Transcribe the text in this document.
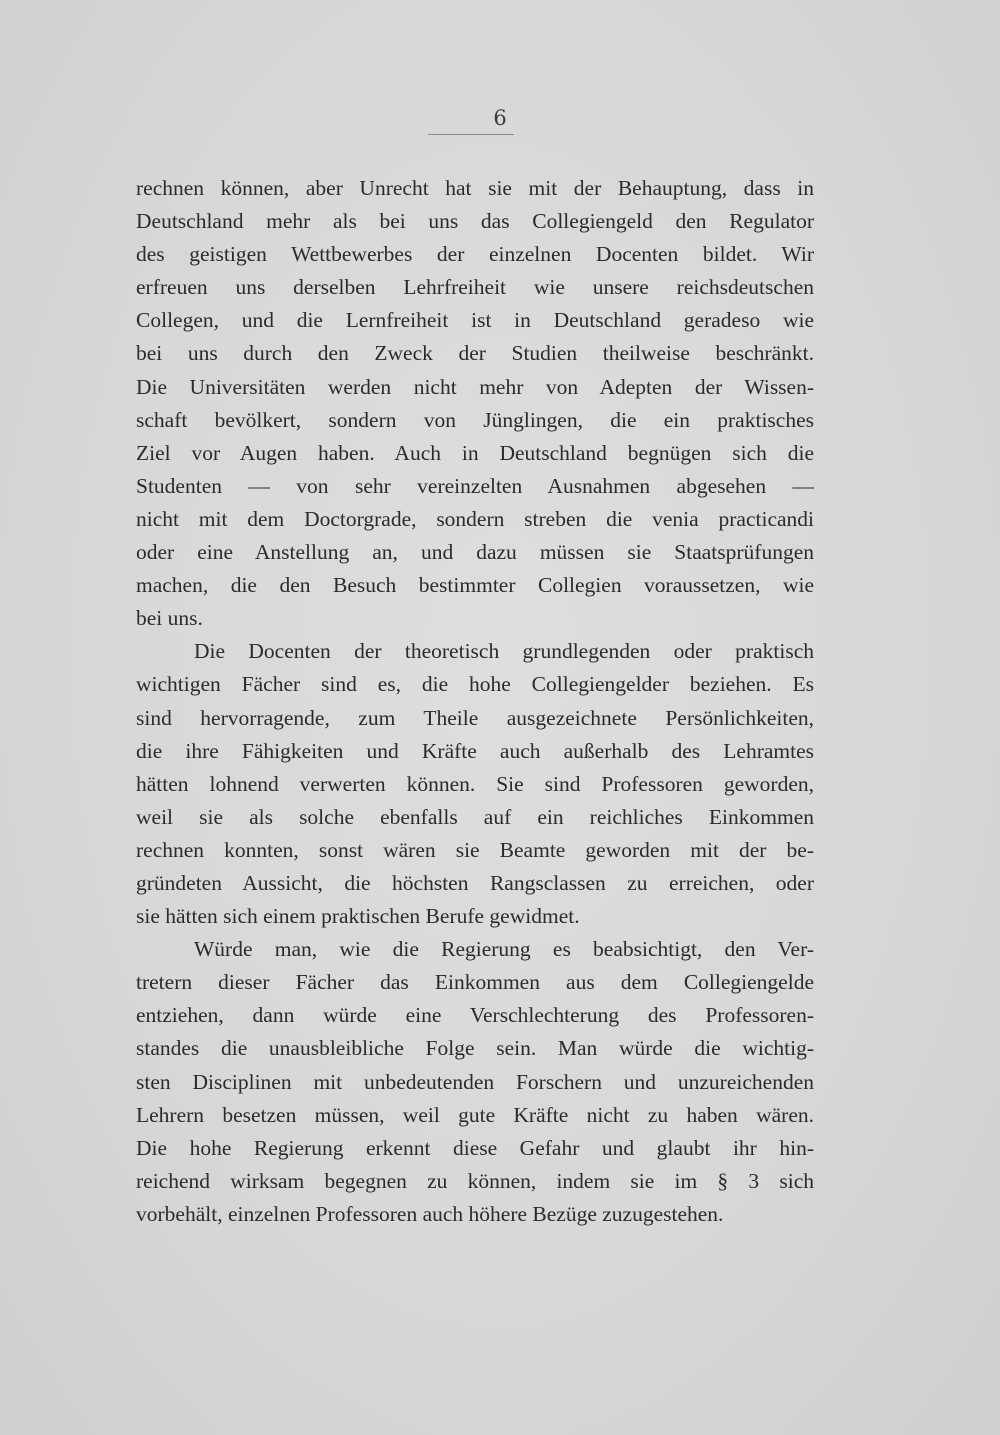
6
rechnen können, aber Unrecht hat sie mit der Behauptung, dass in
Deutschland mehr als bei uns das Collegiengeld den Regulator
des geistigen Wettbewerbes der einzelnen Docenten bildet. Wir
erfreuen uns derselben Lehrfreiheit wie unsere reichsdeutschen
Collegen, und die Lernfreiheit ist in Deutschland geradeso wie
bei uns durch den Zweck der Studien theilweise beschränkt.
Die Universitäten werden nicht mehr von Adepten der Wissen-
schaft bevölkert, sondern von Jünglingen, die ein praktisches
Ziel vor Augen haben. Auch in Deutschland begnügen sich die
Studenten — von sehr vereinzelten Ausnahmen abgesehen —
nicht mit dem Doctorgrade, sondern streben die venia practicandi
oder eine Anstellung an, und dazu müssen sie Staatsprüfungen
machen, die den Besuch bestimmter Collegien voraussetzen, wie
bei uns.
Die Docenten der theoretisch grundlegenden oder praktisch
wichtigen Fächer sind es, die hohe Collegiengelder beziehen. Es
sind hervorragende, zum Theile ausgezeichnete Persönlichkeiten,
die ihre Fähigkeiten und Kräfte auch außerhalb des Lehramtes
hätten lohnend verwerten können. Sie sind Professoren geworden,
weil sie als solche ebenfalls auf ein reichliches Einkommen
rechnen konnten, sonst wären sie Beamte geworden mit der be-
gründeten Aussicht, die höchsten Rangsclassen zu erreichen, oder
sie hätten sich einem praktischen Berufe gewidmet.
Würde man, wie die Regierung es beabsichtigt, den Ver-
tretern dieser Fächer das Einkommen aus dem Collegiengelde
entziehen, dann würde eine Verschlechterung des Professoren-
standes die unausbleibliche Folge sein. Man würde die wichtig-
sten Disciplinen mit unbedeutenden Forschern und unzureichenden
Lehrern besetzen müssen, weil gute Kräfte nicht zu haben wären.
Die hohe Regierung erkennt diese Gefahr und glaubt ihr hin-
reichend wirksam begegnen zu können, indem sie im § 3 sich
vorbehält, einzelnen Professoren auch höhere Bezüge zuzugestehen.
